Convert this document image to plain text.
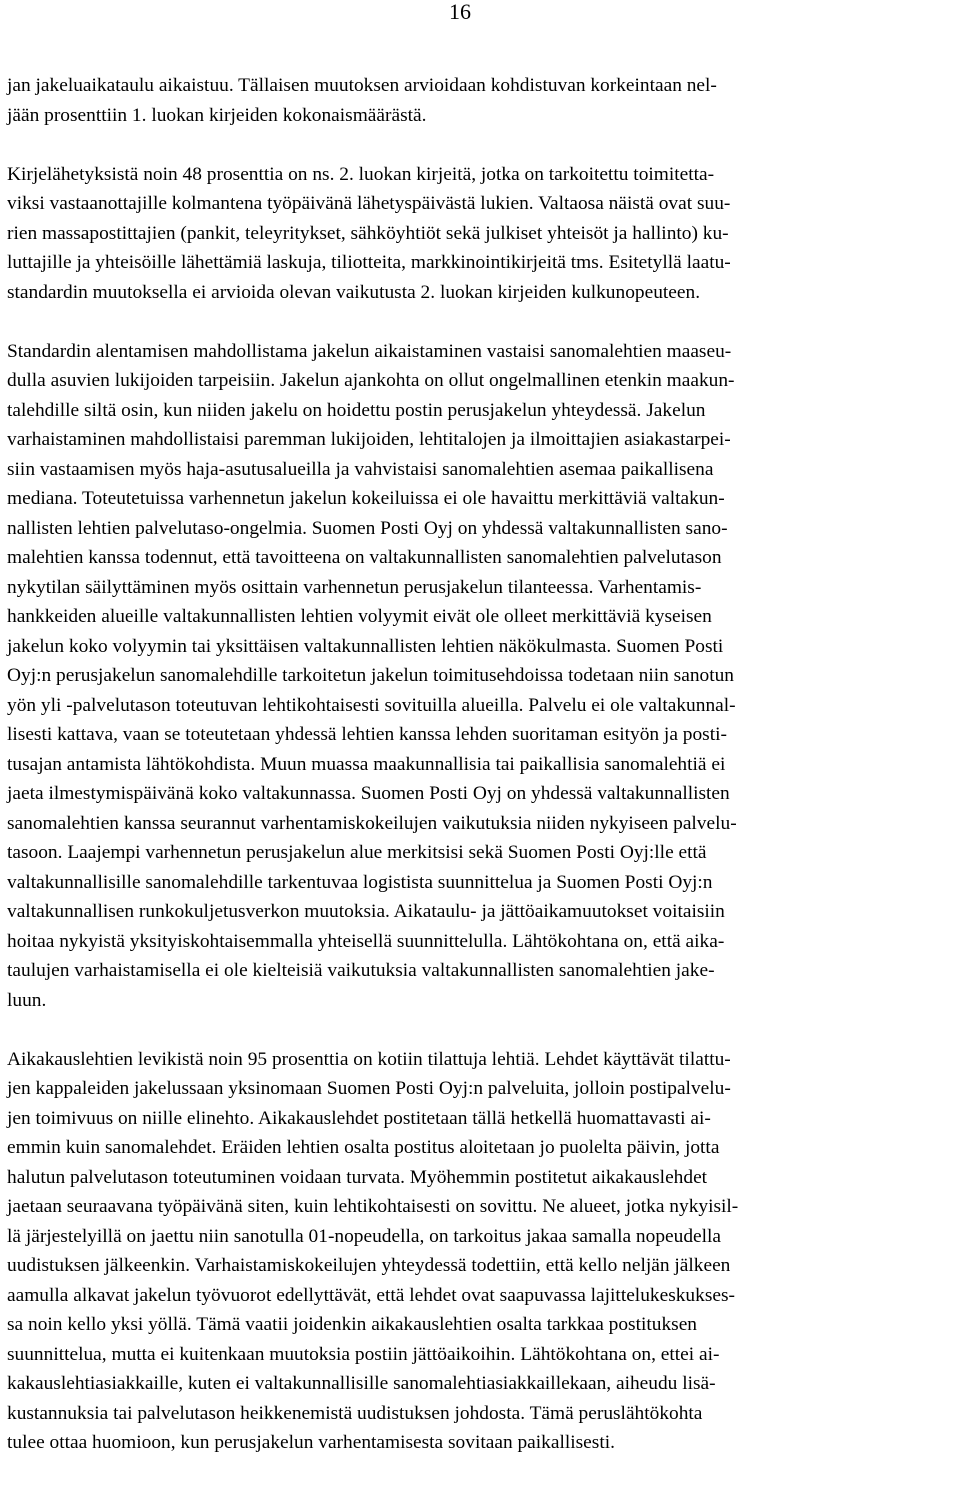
16

jan jakeluaikataulu aikaistuu. Tällaisen muutoksen arvioidaan kohdistuvan korkeintaan nel-
jään prosenttiin 1. luokan kirjeiden kokonaismäärästä.

Kirjelähetyksistä noin 48 prosenttia on ns. 2. luokan kirjeitä, jotka on tarkoitettu toimitetta-
viksi vastaanottajille kolmantena työpäivänä lähetyspäivästä lukien. Valtaosa näistä ovat suu-
rien massapostittajien (pankit, teleyritykset, sähköyhtiöt sekä julkiset yhteisöt ja hallinto) ku-
luttajille ja yhteisöille lähettämiä laskuja, tiliotteita, markkinointikirjeitä tms. Esitetyllä laatu-
standardin muutoksella ei arvioida olevan vaikutusta 2. luokan kirjeiden kulkunopeuteen.

Standardin alentamisen mahdollistama jakelun aikaistaminen vastaisi sanomalehtien maaseu-
dulla asuvien lukijoiden tarpeisiin. Jakelun ajankohta on ollut ongelmallinen etenkin maakun-
talehdille siltä osin, kun niiden jakelu on hoidettu postin perusjakelun yhteydessä. Jakelun
varhaistaminen mahdollistaisi paremman lukijoiden, lehtitalojen ja ilmoittajien asiakastarpei-
siin vastaamisen myös haja-asutusalueilla ja vahvistaisi sanomalehtien asemaa paikallisena
mediana. Toteutetuissa varhennetun jakelun kokeiluissa ei ole havaittu merkittäviä valtakun-
nallisten lehtien palvelutaso-ongelmia. Suomen Posti Oyj on yhdessä valtakunnallisten sano-
malehtien kanssa todennut, että tavoitteena on valtakunnallisten sanomalehtien palvelutason
nykytilan säilyttäminen myös osittain varhennetun perusjakelun tilanteessa. Varhentamis-
hankkeiden alueille valtakunnallisten lehtien volyymit eivät ole olleet merkittäviä kyseisen
jakelun koko volyymin tai yksittäisen valtakunnallisten lehtien näkökulmasta. Suomen Posti
Oyj:n perusjakelun sanomalehdille tarkoitetun jakelun toimitusehdoissa todetaan niin sanotun
yön yli -palvelutason toteutuvan lehtikohtaisesti sovituilla alueilla. Palvelu ei ole valtakunnal-
lisesti kattava, vaan se toteutetaan yhdessä lehtien kanssa lehden suoritaman esityön ja posti-
tusajan antamista lähtökohdista. Muun muassa maakunnallisia tai paikallisia sanomalehtiä ei
jaeta ilmestymispäivänä koko valtakunnassa. Suomen Posti Oyj on yhdessä valtakunnallisten
sanomalehtien kanssa seurannut varhentamiskokeilujen vaikutuksia niiden nykyiseen palvelu-
tasoon. Laajempi varhennetun perusjakelun alue merkitsisi sekä Suomen Posti Oyj:lle että
valtakunnallisille sanomalehdille tarkentuvaa logistista suunnittelua ja Suomen Posti Oyj:n
valtakunnallisen runkokuljetusverkon muutoksia. Aikataulu- ja jättöaikamuutokset voitaisiin
hoitaa nykyistä yksityiskohtaisemmalla yhteisellä suunnittelulla. Lähtökohtana on, että aika-
taulujen varhaistamisella ei ole kielteisiä vaikutuksia valtakunnallisten sanomalehtien jake-
luun.

Aikakauslehtien levikistä noin 95 prosenttia on kotiin tilattuja lehtiä. Lehdet käyttävät tilattu-
jen kappaleiden jakelussaan yksinomaan Suomen Posti Oyj:n palveluita, jolloin postipalvelu-
jen toimivuus on niille elinehto. Aikakauslehdet postitetaan tällä hetkellä huomattavasti ai-
emmin kuin sanomalehdet. Eräiden lehtien osalta postitus aloitetaan jo puolelta päivin, jotta
halutun palvelutason toteutuminen voidaan turvata. Myöhemmin postitetut aikakauslehdet
jaetaan seuraavana työpäivänä siten, kuin lehtikohtaisesti on sovittu. Ne alueet, jotka nykyisil-
lä järjestelyillä on jaettu niin sanotulla 01-nopeudella, on tarkoitus jakaa samalla nopeudella
uudistuksen jälkeenkin. Varhaistamiskokeilujen yhteydessä todettiin, että kello neljän jälkeen
aamulla alkavat jakelun työvuorot edellyttävät, että lehdet ovat saapuvassa lajittelukeskukses-
sa noin kello yksi yöllä. Tämä vaatii joidenkin aikakauslehtien osalta tarkkaa postituksen
suunnittelua, mutta ei kuitenkaan muutoksia postiin jättöaikoihin. Lähtökohtana on, ettei ai-
kakauslehtiasiakkaille, kuten ei valtakunnallisille sanomalehtiasiakkaillekaan, aiheudu lisä-
kustannuksia tai palvelutason heikkenemistä uudistuksen johdosta. Tämä peruslähtökohta
tulee ottaa huomioon, kun perusjakelun varhentamisesta sovitaan paikallisesti.
